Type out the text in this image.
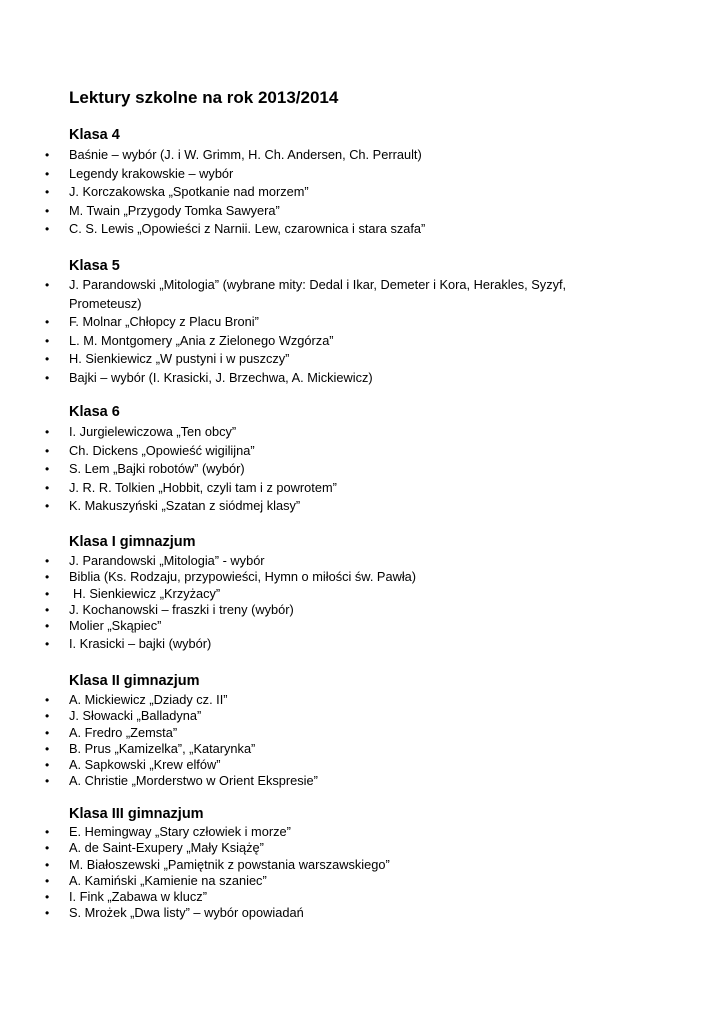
Lektury szkolne na rok 2013/2014
Klasa 4
• Baśnie – wybór (J. i W. Grimm, H. Ch. Andersen, Ch. Perrault)
• Legendy krakowskie – wybór
• J. Korczakowska „Spotkanie nad morzem”
• M. Twain „Przygody Tomka Sawyera”
• C. S. Lewis „Opowieści z Narnii. Lew, czarownica i stara szafa”
Klasa 5
• J. Parandowski „Mitologia” (wybrane mity: Dedal i Ikar, Demeter i Kora, Herakles, Syzyf, Prometeusz)
• F. Molnar „Chłopcy z Placu Broni”
• L. M. Montgomery „Ania z Zielonego Wzgórza”
• H. Sienkiewicz „W pustyni i w puszczy”
• Bajki – wybór (I. Krasicki, J. Brzechwa, A. Mickiewicz)
Klasa 6
• I. Jurgielewiczowa „Ten obcy”
• Ch. Dickens „Opowieść wigilijna”
• S. Lem „Bajki robotów” (wybór)
• J. R. R. Tolkien „Hobbit, czyli tam i z powrotem”
• K. Makuszyński „Szatan z siódmej klasy”
Klasa I gimnazjum
• J. Parandowski „Mitologia” - wybór
• Biblia (Ks. Rodzaju, przypowieści, Hymn o miłości św. Pawła)
• H. Sienkiewicz „Krzyżacy”
• J. Kochanowski – fraszki i treny (wybór)
• Molier „Skąpiec”
• I. Krasicki – bajki (wybór)
Klasa II gimnazjum
• A. Mickiewicz „Dziady cz. II”
• J. Słowacki „Balladyna”
• A. Fredro „Zemsta”
• B. Prus „Kamizelka”, „Katarynka”
• A. Sapkowski „Krew elfów”
• A. Christie „Morderstwo w Orient Ekspresie”
Klasa III gimnazjum
• E. Hemingway „Stary człowiek i morze”
• A. de Saint-Exupery „Mały Książę”
• M. Białoszewski „Pamiętnik z powstania warszawskiego”
• A. Kamiński „Kamienie na szaniec”
• I. Fink „Zabawa w klucz”
• S. Mrożek „Dwa listy” – wybór opowiadań
